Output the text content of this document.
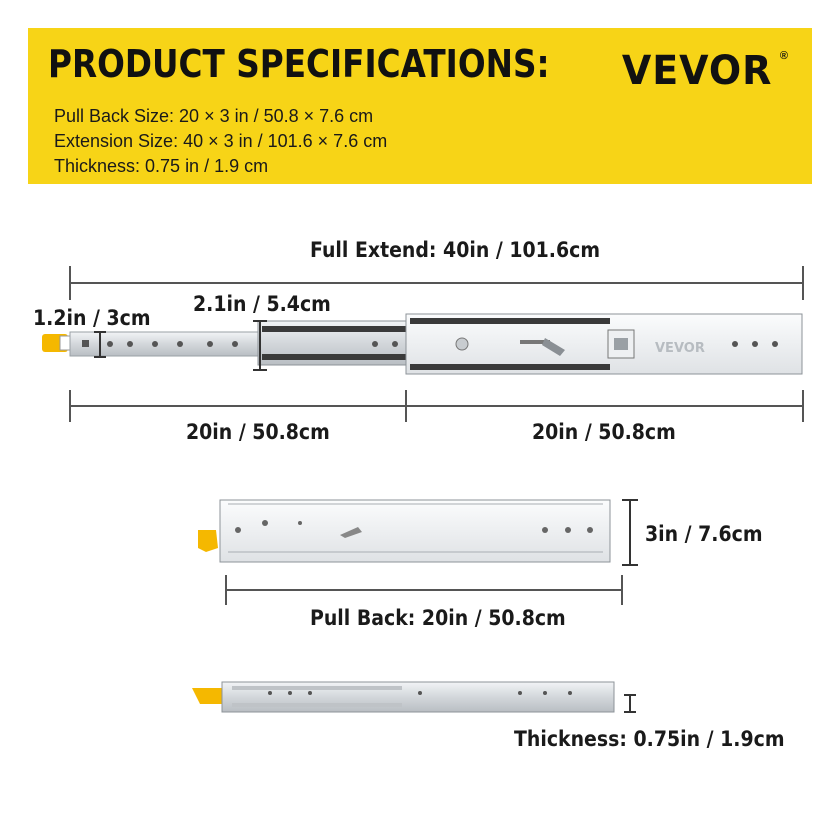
PRODUCT SPECIFICATIONS: VEVOR ®
Pull Back Size: 20 × 3 in / 50.8 × 7.6 cm
Extension Size: 40 × 3 in / 101.6 × 7.6 cm
Thickness: 0.75 in / 1.9 cm
VEVOR
Full Extend: 40in / 101.6cm
1.2in / 3cm
2.1in / 5.4cm
20in / 50.8cm	20in / 50.8cm
3in / 7.6cm
Pull Back: 20in / 50.8cm
Thickness: 0.75in / 1.9cm
